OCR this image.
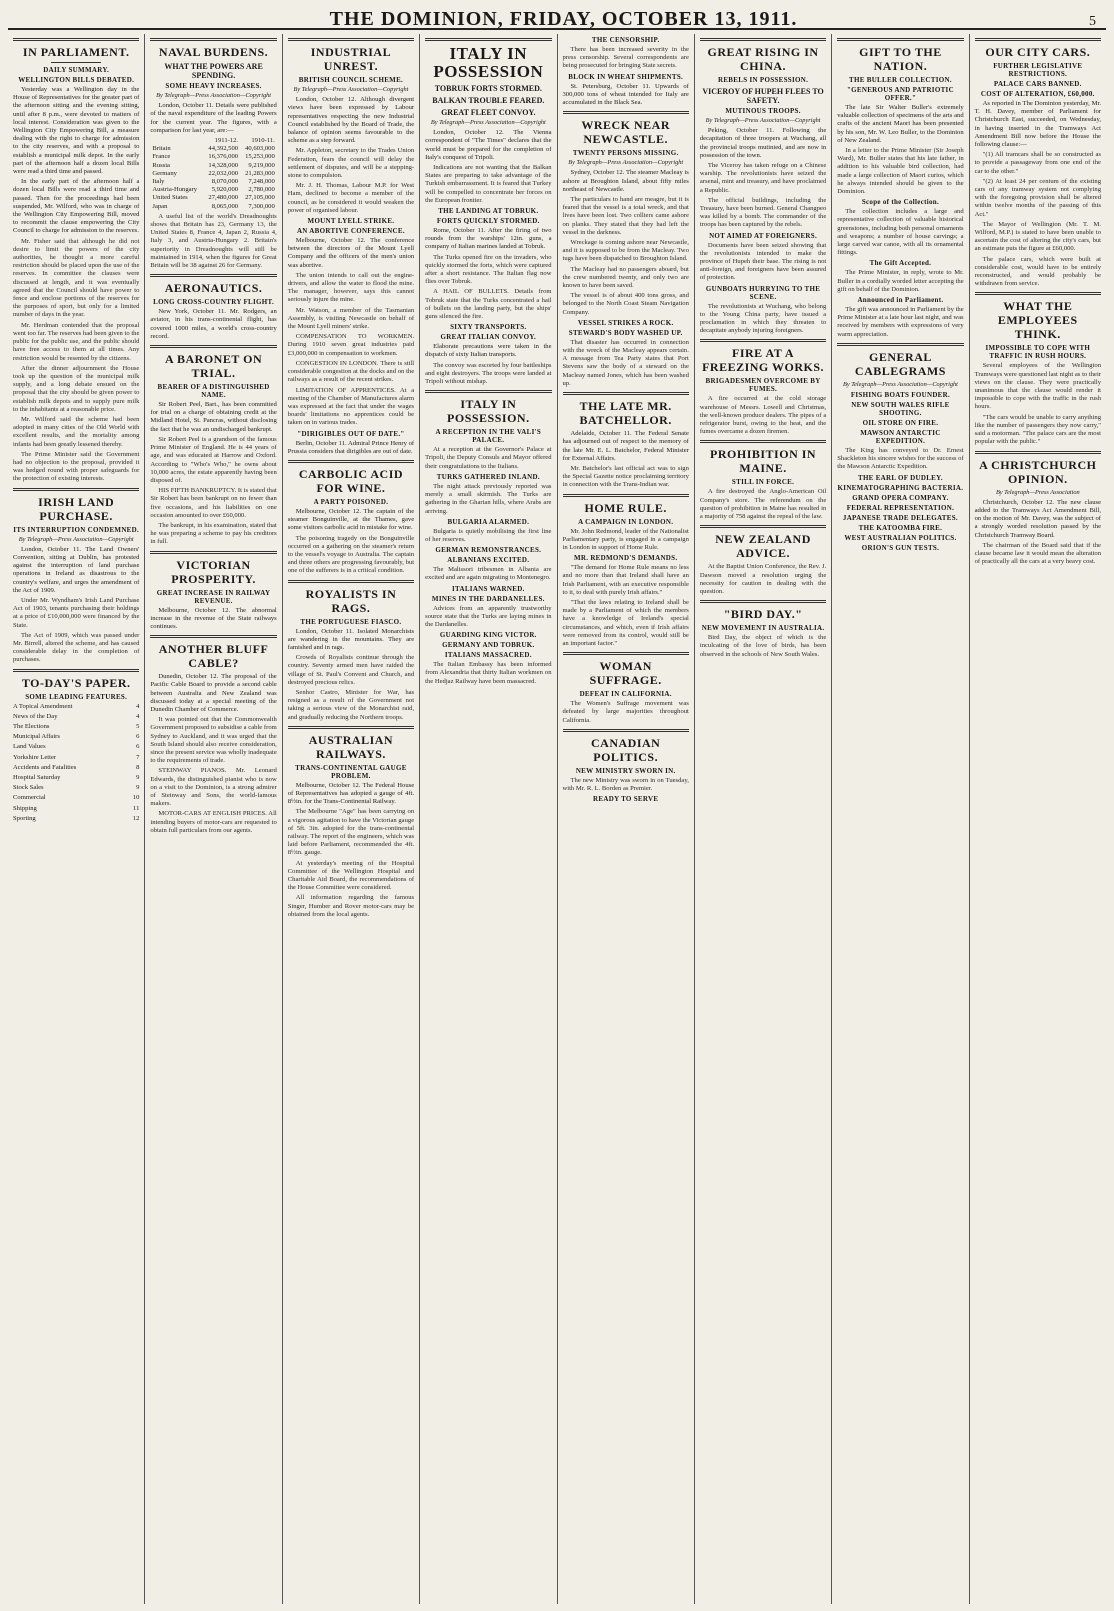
THE DOMINION, FRIDAY, OCTOBER 13, 1911.	5
IN PARLIAMENT.
DAILY SUMMARY.
WELLINGTON BILLS DEBATED.

Yesterday was a Wellington day in the House of Representatives for the greater part of the afternoon sitting and the evening sitting, until after 8 p.m., were devoted to matters of local interest. Consideration was given to the Wellington City Empowering Bill, a measure dealing with the right to charge for admission to the city reserves, and with a proposal to establish a municipal milk depot. In the early part of the afternoon half a dozen local Bills were read a third time and passed.

In the early part of the afternoon half a dozen local Bills were read a third time and passed. Then for the proceedings had been suspended, Mr. Wilford, who was in charge of the Wellington City Empowering Bill, moved to recommit the clause empowering the City Council to charge for admission to the reserves.

Mr. Fisher said that although he did not desire to limit the powers of the city authorities, he thought a more careful restriction should be placed upon the use of the reserves. In committee the clauses were discussed at length, and it was eventually agreed that the Council should have power to fence and enclose portions of the reserves for the purposes of sport, but only for a limited number of days in the year.

Mr. Herdman contended that the proposal went too far. The reserves had been given to the public for the public use, and the public should have free access to them at all times. Any restriction would be resented by the citizens.

After the dinner adjournment the House took up the question of the municipal milk supply, and a long debate ensued on the proposal that the city should be given power to establish milk depots and to supply pure milk to the inhabitants at a reasonable price.

Mr. Wilford said the scheme had been adopted in many cities of the Old World with excellent results, and the mortality among infants had been greatly lessened thereby.

The Prime Minister said the Government had no objection to the proposal, provided it was hedged round with proper safeguards for the protection of existing interests.

IRISH LAND PURCHASE.
ITS INTERRUPTION CONDEMNED.

By Telegraph—Press Association—Copyright

London, October 11. The Land Owners' Convention, sitting at Dublin, has protested against the interruption of land purchase operations in Ireland as disastrous to the country's welfare, and urges the amendment of the Act of 1909.

Under Mr. Wyndham's Irish Land Purchase Act of 1903, tenants purchasing their holdings at a price of £10,000,000 were financed by the State.

The Act of 1909, which was passed under Mr. Birrell, altered the scheme, and has caused considerable delay in the completion of purchases.

TO-DAY'S PAPER.
SOME LEADING FEATURES.

A Topical Amendment	4

News of the Day	4

The Elections	5

Municipal Affairs	6

Land Values	6

Yorkshire Letter	7

Accidents and Fatalities	8

Hospital Saturday	9

Stock Sales	9

Commercial	10

Shipping	11

Sporting	12

NAVAL BURDENS.
WHAT THE POWERS ARE SPENDING.
SOME HEAVY INCREASES.

By Telegraph—Press Association—Copyright

London, October 11. Details were published of the naval expenditure of the leading Powers for the current year. The figures, with a comparison for last year, are:—

	1911-12.	1910-11.
Britain	44,392,500	40,603,000
France	16,376,000	15,253,000
Russia	14,328,000	9,219,000
Germany	22,032,000	21,283,000
Italy	8,070,000	7,248,000
Austria-Hungary	5,920,000	2,780,000
United States	27,480,000	27,105,000
Japan	8,065,000	7,300,000

A useful list of the world's Dreadnoughts shows that Britain has 23, Germany 13, the United States 8, France 4, Japan 2, Russia 4, Italy 3, and Austria-Hungary 2. Britain's superiority in Dreadnoughts will still be maintained in 1914, when the figures for Great Britain will be 38 against 26 for Germany.

AERONAUTICS.
LONG CROSS-COUNTRY FLIGHT.

New York, October 11. Mr. Rodgers, an aviator, in his trans-continental flight, has covered 1000 miles, a world's cross-country record.

A BARONET ON TRIAL.
BEARER OF A DISTINGUISHED NAME.

Sir Robert Peel, Bart., has been committed for trial on a charge of obtaining credit at the Midland Hotel, St. Pancras, without disclosing the fact that he was an undischarged bankrupt.

Sir Robert Peel is a grandson of the famous Prime Minister of England. He is 44 years of age, and was educated at Harrow and Oxford. According to "Who's Who," he owns about 10,000 acres, the estate apparently having been disposed of.

HIS FIFTH BANKRUPTCY. It is stated that Sir Robert has been bankrupt on no fewer than five occasions, and his liabilities on one occasion amounted to over £60,000.

The bankrupt, in his examination, stated that he was preparing a scheme to pay his creditors in full.

VICTORIAN PROSPERITY.
GREAT INCREASE IN RAILWAY REVENUE.

Melbourne, October 12. The abnormal increase in the revenue of the State railways continues.

ANOTHER BLUFF CABLE?

Dunedin, October 12. The proposal of the Pacific Cable Board to provide a second cable between Australia and New Zealand was discussed today at a special meeting of the Dunedin Chamber of Commerce.

It was pointed out that the Commonwealth Government proposed to subsidise a cable from Sydney to Auckland, and it was urged that the South Island should also receive consideration, since the present service was wholly inadequate to the requirements of trade.

STEINWAY PIANOS. Mr. Leonard Edwards, the distinguished pianist who is now on a visit to the Dominion, is a strong admirer of Steinway and Sons, the world-famous makers.

MOTOR-CARS AT ENGLISH PRICES. All intending buyers of motor-cars are requested to obtain full particulars from our agents.

INDUSTRIAL UNREST.
BRITISH COUNCIL SCHEME.

By Telegraph—Press Association—Copyright

London, October 12. Although divergent views have been expressed by Labour representatives respecting the new Industrial Council established by the Board of Trade, the balance of opinion seems favourable to the scheme as a step forward.

Mr. Appleton, secretary to the Trades Union Federation, fears the council will delay the settlement of disputes, and will be a stepping-stone to compulsion.

Mr. J. H. Thomas, Labour M.P. for West Ham, declined to become a member of the council, as he considered it would weaken the power of organised labour.

MOUNT LYELL STRIKE.
AN ABORTIVE CONFERENCE.

Melbourne, October 12. The conference between the directors of the Mount Lyell Company and the officers of the men's union was abortive.

The union intends to call out the engine-drivers, and allow the water to flood the mine. The manager, however, says this cannot seriously injure the mine.

Mr. Watson, a member of the Tasmanian Assembly, is visiting Newcastle on behalf of the Mount Lyell miners' strike.

COMPENSATION TO WORKMEN. During 1910 seven great industries paid £3,000,000 in compensation to workmen.

CONGESTION IN LONDON. There is still considerable congestion at the docks and on the railways as a result of the recent strikes.

LIMITATION OF APPRENTICES. At a meeting of the Chamber of Manufactures alarm was expressed at the fact that under the wages boards' limitations no apprentices could be taken on in various trades.

"DIRIGIBLES OUT OF DATE."

Berlin, October 11. Admiral Prince Henry of Prussia considers that dirigibles are out of date.

CARBOLIC ACID FOR WINE.
A PARTY POISONED.

Melbourne, October 12. The captain of the steamer Bonguinville, at the Thames, gave some visitors carbolic acid in mistake for wine.

The poisoning tragedy on the Bonguinville occurred on a gathering on the steamer's return to the vessel's voyage to Australia. The captain and three others are progressing favourably, but one of the sufferers is in a critical condition.

ROYALISTS IN RAGS.
THE PORTUGUESE FIASCO.

London, October 11. Isolated Monarchists are wandering in the mountains. They are famished and in rags.

Crowds of Royalists continue through the country. Seventy armed men have raided the village of St. Paul's Convent and Church, and destroyed precious relics.

Senhor Castro, Minister for War, has resigned as a result of the Government not taking a serious view of the Monarchist raid, and gradually reducing the Northern troops.

AUSTRALIAN RAILWAYS.
TRANS-CONTINENTAL GAUGE PROBLEM.

Melbourne, October 12. The Federal House of Representatives has adopted a gauge of 4ft. 8½in. for the Trans-Continental Railway.

The Melbourne "Age" has been carrying on a vigorous agitation to have the Victorian gauge of 5ft. 3in. adopted for the trans-continental railway. The report of the engineers, which was laid before Parliament, recommended the 4ft. 8½in. gauge.

At yesterday's meeting of the Hospital Committee of the Wellington Hospital and Charitable Aid Board, the recommendations of the House Committee were considered.

All information regarding the famous Singer, Humber and Rover motor-cars may be obtained from the local agents.

ITALY IN POSSESSION
TOBRUK FORTS STORMED.
BALKAN TROUBLE FEARED.
GREAT FLEET CONVOY.

By Telegraph—Press Association—Copyright

London, October 12. The Vienna correspondent of "The Times" declares that the world must be prepared for the completion of Italy's conquest of Tripoli.

Indications are not wanting that the Balkan States are preparing to take advantage of the Turkish embarrassment. It is feared that Turkey will be compelled to concentrate her forces on the European frontier.

THE LANDING AT TOBRUK.
FORTS QUICKLY STORMED.

Rome, October 11. After the firing of two rounds from the warships' 12in. guns, a company of Italian marines landed at Tobruk.

The Turks opened fire on the invaders, who quickly stormed the forts, which were captured after a short resistance. The Italian flag now flies over Tobruk.

A HAIL OF BULLETS. Details from Tobruk state that the Turks concentrated a hail of bullets on the landing party, but the ships' guns silenced the fire.

SIXTY TRANSPORTS.
GREAT ITALIAN CONVOY.

Elaborate precautions were taken in the dispatch of sixty Italian transports.

The convoy was escorted by four battleships and eight destroyers. The troops were landed at Tripoli without mishap.

ITALY IN POSSESSION.
A RECEPTION IN THE VALI'S PALACE.

At a reception at the Governor's Palace at Tripoli, the Deputy Consuls and Mayor offered their congratulations to the Italians.

TURKS GATHERED INLAND.

The night attack previously reported was merely a small skirmish. The Turks are gathering in the Gharian hills, where Arabs are arriving.

BULGARIA ALARMED.

Bulgaria is quietly mobilising the first line of her reserves.

GERMAN REMONSTRANCES.
ALBANIANS EXCITED.

The Malissori tribesmen in Albania are excited and are again migrating to Montenegro.

ITALIANS WARNED.
MINES IN THE DARDANELLES.

Advices from an apparently trustworthy source state that the Turks are laying mines in the Dardanelles.

GUARDING KING VICTOR.
GERMANY AND TOBRUK.
ITALIANS MASSACRED.

The Italian Embassy has been informed from Alexandria that thirty Italian workmen on the Hedjaz Railway have been massacred.

THE CENSORSHIP.

There has been increased severity in the press censorship. Several correspondents are being prosecuted for bringing State secrets.

BLOCK IN WHEAT SHIPMENTS.

St. Petersburg, October 11. Upwards of 300,000 tons of wheat intended for Italy are accumulated in the Black Sea.

WRECK NEAR NEWCASTLE.
TWENTY PERSONS MISSING.

By Telegraph—Press Association—Copyright

Sydney, October 12. The steamer Macleay is ashore at Broughton Island, about fifty miles northeast of Newcastle.

The particulars to hand are meagre, but it is feared that the vessel is a total wreck, and that lives have been lost. Two colliers came ashore on planks. They stated that they had left the vessel in the darkness.

Wreckage is coming ashore near Newcastle, and it is supposed to be from the Macleay. Two tugs have been dispatched to Broughton Island.

The Macleay had no passengers aboard, but the crew numbered twenty, and only two are known to have been saved.

The vessel is of about 400 tons gross, and belonged to the North Coast Steam Navigation Company.

VESSEL STRIKES A ROCK.
STEWARD'S BODY WASHED UP.

That disaster has occurred in connection with the wreck of the Macleay appears certain. A message from Tea Party states that Port Stevens saw the body of a steward on the Macleay named Jones, which has been washed up.

THE LATE MR. BATCHELLOR.

Adelaide, October 11. The Federal Senate has adjourned out of respect to the memory of the late Mr. E. L. Batchelor, Federal Minister for External Affairs.

Mr. Batchelor's last official act was to sign the Special Gazette notice proclaiming territory in connection with the Trans-Indian war.

HOME RULE.
A CAMPAIGN IN LONDON.

Mr. John Redmond, leader of the Nationalist Parliamentary party, is engaged in a campaign in London in support of Home Rule.

MR. REDMOND'S DEMANDS.

"The demand for Home Rule means no less and no more than that Ireland shall have an Irish Parliament, with an executive responsible to it, to deal with purely Irish affairs."

"That the laws relating to Ireland shall be made by a Parliament of which the members have a knowledge of Ireland's special circumstances, and which, even if Irish affairs were removed from its control, would still be an important factor."

WOMAN SUFFRAGE.
DEFEAT IN CALIFORNIA.

The Women's Suffrage movement was defeated by large majorities throughout California.

CANADIAN POLITICS.
NEW MINISTRY SWORN IN.

The new Ministry was sworn in on Tuesday, with Mr. R. L. Borden as Premier.

READY TO SERVE
GREAT RISING IN CHINA.
REBELS IN POSSESSION.
VICEROY OF HUPEH FLEES TO SAFETY.
MUTINOUS TROOPS.

By Telegraph—Press Association—Copyright

Peking, October 11. Following the decapitation of three troopers at Wuchang, all the provincial troops mutinied, and are now in possession of the town.

The Viceroy has taken refuge on a Chinese warship. The revolutionists have seized the arsenal, mint and treasury, and have proclaimed a Republic.

The official buildings, including the Treasury, have been burned. General Changpeo was killed by a bomb. The commander of the troops has been captured by the rebels.

NOT AIMED AT FOREIGNERS.

Documents have been seized showing that the revolutionists intended to make the province of Hupeh their base. The rising is not anti-foreign, and foreigners have been assured of protection.

GUNBOATS HURRYING TO THE SCENE.

The revolutionists at Wuchang, who belong to the Young China party, have issued a proclamation in which they threaten to decapitate anybody injuring foreigners.

FIRE AT A FREEZING WORKS.
BRIGADESMEN OVERCOME BY FUMES.

A fire occurred at the cold storage warehouse of Messrs. Lowell and Christmas, the well-known produce dealers. The pipes of a refrigerator burst, owing to the heat, and the fumes overcame a dozen firemen.

PROHIBITION IN MAINE.
STILL IN FORCE.

A fire destroyed the Anglo-American Oil Company's store. The referendum on the question of prohibition in Maine has resulted in a majority of 758 against the repeal of the law.

NEW ZEALAND ADVICE.

At the Baptist Union Conference, the Rev. J. Dawson moved a resolution urging the necessity for caution in dealing with the question.

"BIRD DAY."
NEW MOVEMENT IN AUSTRALIA.

Bird Day, the object of which is the inculcating of the love of birds, has been observed in the schools of New South Wales.

GIFT TO THE NATION.
THE BULLER COLLECTION.
"GENEROUS AND PATRIOTIC OFFER."

The late Sir Walter Buller's extremely valuable collection of specimens of the arts and crafts of the ancient Maori has been presented by his son, Mr. W. Leo Buller, to the Dominion of New Zealand.

In a letter to the Prime Minister (Sir Joseph Ward), Mr. Buller states that his late father, in addition to his valuable bird collection, had made a large collection of Maori curios, which he always intended should be given to the Dominion.

Scope of the Collection.

The collection includes a large and representative collection of valuable historical greenstones, including both personal ornaments and weapons; a number of house carvings; a large carved war canoe, with all its ornamental fittings.

The Gift Accepted.

The Prime Minister, in reply, wrote to Mr. Buller in a cordially worded letter accepting the gift on behalf of the Dominion.

Announced in Parliament.

The gift was announced in Parliament by the Prime Minister at a late hour last night, and was received by members with expressions of very warm appreciation.

GENERAL CABLEGRAMS

By Telegraph—Press Association—Copyright

FISHING BOATS FOUNDER.
NEW SOUTH WALES RIFLE SHOOTING.
OIL STORE ON FIRE.
MAWSON ANTARCTIC EXPEDITION.

The King has conveyed to Dr. Ernest Shackleton his sincere wishes for the success of the Mawson Antarctic Expedition.

THE EARL OF DUDLEY.
KINEMATOGRAPHING BACTERIA.
GRAND OPERA COMPANY.
FEDERAL REPRESENTATION.
JAPANESE TRADE DELEGATES.
THE KATOOMBA FIRE.
WEST AUSTRALIAN POLITICS.
ORION'S GUN TESTS.
OUR CITY CARS.
FURTHER LEGISLATIVE RESTRICTIONS.
PALACE CARS BANNED.
COST OF ALTERATION, £60,000.

As reported in The Dominion yesterday, Mr. T. H. Davey, member of Parliament for Christchurch East, succeeded, on Wednesday, in having inserted in the Tramways Act Amendment Bill now before the House the following clause:—

"(1) All tramcars shall be so constructed as to provide a passageway from one end of the car to the other."

"(2) At least 24 per centum of the existing cars of any tramway system not complying with the foregoing provision shall be altered within twelve months of the passing of this Act."

The Mayor of Wellington (Mr. T. M. Wilford, M.P.) is stated to have been unable to ascertain the cost of altering the city's cars, but an estimate puts the figure at £60,000.

The palace cars, which were built at considerable cost, would have to be entirely reconstructed, and would probably be withdrawn from service.

WHAT THE EMPLOYEES THINK.
IMPOSSIBLE TO COPE WITH TRAFFIC IN RUSH HOURS.

Several employees of the Wellington Tramways were questioned last night as to their views on the clause. They were practically unanimous that the clause would render it impossible to cope with the traffic in the rush hours.

"The cars would be unable to carry anything like the number of passengers they now carry," said a motorman. "The palace cars are the most popular with the public."

A CHRISTCHURCH OPINION.

By Telegraph—Press Association

Christchurch, October 12. The new clause added to the Tramways Act Amendment Bill, on the motion of Mr. Davey, was the subject of a strongly worded resolution passed by the Christchurch Tramway Board.

The chairman of the Board said that if the clause became law it would mean the alteration of practically all the cars at a very heavy cost.
